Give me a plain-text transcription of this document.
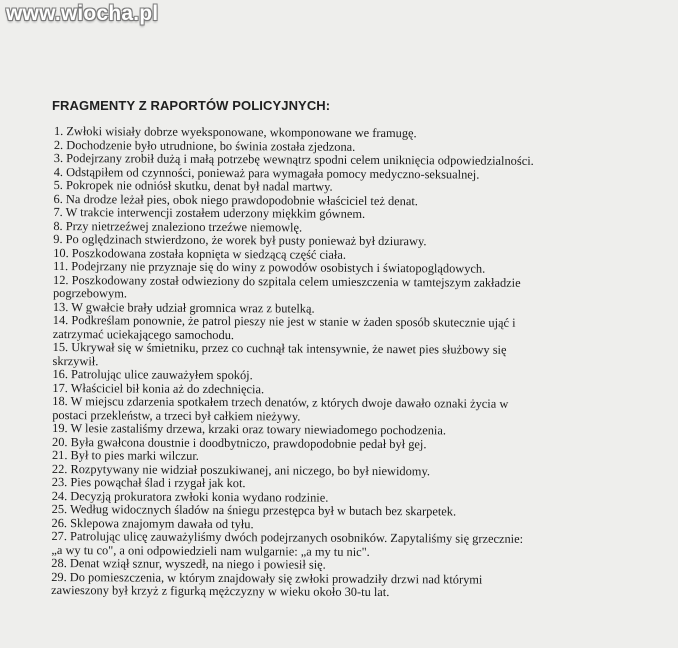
www.wiocha.pl
FRAGMENTY Z RAPORTÓW POLICYJNYCH:
1. Zwłoki wisiały dobrze wyeksponowane, wkomponowane we framugę.
2. Dochodzenie było utrudnione, bo świnia została zjedzona.
3. Podejrzany zrobił dużą i małą potrzebę wewnątrz spodni celem uniknięcia odpowiedzialności.
4. Odstąpiłem od czynności, ponieważ para wymagała pomocy medyczno-seksualnej.
5. Pokropek nie odniósł skutku, denat był nadal martwy.
6. Na drodze leżał pies, obok niego prawdopodobnie właściciel też denat.
7. W trakcie interwencji zostałem uderzony miękkim gównem.
8. Przy nietrzeźwej znaleziono trzeźwe niemowlę.
9. Po oględzinach stwierdzono, że worek był pusty ponieważ był dziurawy.
10. Poszkodowana została kopnięta w siedzącą część ciała.
11. Podejrzany nie przyznaje się do winy z powodów osobistych i światopoglądowych.
12. Poszkodowany został odwieziony do szpitala celem umieszczenia w tamtejszym zakładzie
pogrzebowym.
13. W gwałcie brały udział gromnica wraz z butelką.
14. Podkreślam ponownie, że patrol pieszy nie jest w stanie w żaden sposób skutecznie ująć i
zatrzymać uciekającego samochodu.
15. Ukrywał się w śmietniku, przez co cuchnął tak intensywnie, że nawet pies służbowy się
skrzywił.
16. Patrolując ulice zauważyłem spokój.
17. Właściciel bił konia aż do zdechnięcia.
18. W miejscu zdarzenia spotkałem trzech denatów, z których dwoje dawało oznaki życia w
postaci przekleństw, a trzeci był całkiem nieżywy.
19. W lesie zastaliśmy drzewa, krzaki oraz towary niewiadomego pochodzenia.
20. Była gwałcona doustnie i doodbytniczo, prawdopodobnie pedał był gej.
21. Był to pies marki wilczur.
22. Rozpytywany nie widział poszukiwanej, ani niczego, bo był niewidomy.
23. Pies powąchał ślad i rzygał jak kot.
24. Decyzją prokuratora zwłoki konia wydano rodzinie.
25. Według widocznych śladów na śniegu przestępca był w butach bez skarpetek.
26. Sklepowa znajomym dawała od tyłu.
27. Patrolując ulicę zauważyliśmy dwóch podejrzanych osobników. Zapytaliśmy się grzecznie:
„a wy tu co", a oni odpowiedzieli nam wulgarnie: „a my tu nic".
28. Denat wziął sznur, wyszedł, na niego i powiesił się.
29. Do pomieszczenia, w którym znajdowały się zwłoki prowadziły drzwi nad którymi
zawieszony był krzyż z figurką mężczyzny w wieku około 30-tu lat.
